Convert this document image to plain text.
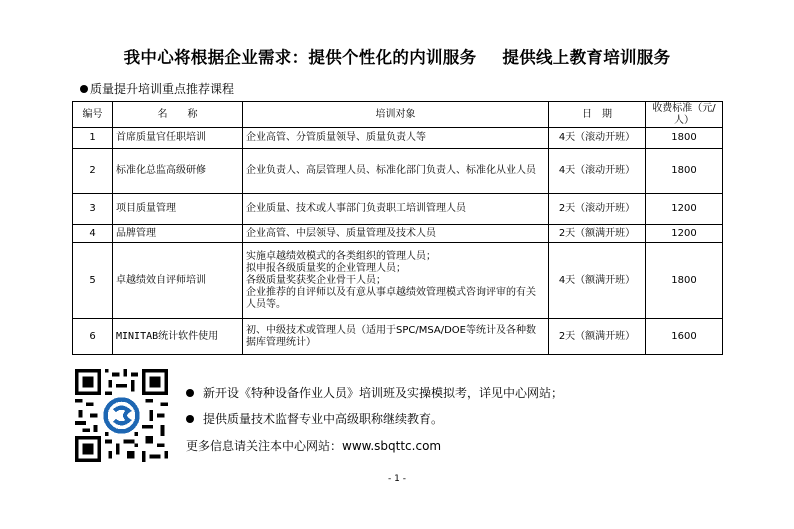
我中心将根据企业需求：提供个性化的内训服务 提供线上教育培训服务
质量提升培训重点推荐课程
编号	名　　称	培训对象	日　期	收费标准（元/人）
1	首席质量官任职培训	企业高管、分管质量领导、质量负责人等	4天（滚动开班）	1800
2	标准化总监高级研修	企业负责人、高层管理人员、标准化部门负责人、标准化从业人员	4天（滚动开班）	1800
3	项目质量管理	企业质量、技术或人事部门负责职工培训管理人员	2天（滚动开班）	1200
4	品牌管理	企业高管、中层领导、质量管理及技术人员	2天（额满开班）	1200
5	卓越绩效自评师培训	实施卓越绩效模式的各类组织的管理人员；
拟申报各级质量奖的企业管理人员；
各级质量奖获奖企业骨干人员；
企业推荐的自评师以及有意从事卓越绩效管理模式咨询评审的有关人员等。	4天（额满开班）	1800
6	MINITAB统计软件使用	初、中级技术或管理人员（适用于SPC/MSA/DOE等统计及各种数据库管理统计）	2天（额满开班）	1600
新开设《特种设备作业人员》培训班及实操模拟考，详见中心网站；
提供质量技术监督专业中高级职称继续教育。
更多信息请关注本中心网站：www.sbqttc.com
- 1 -
